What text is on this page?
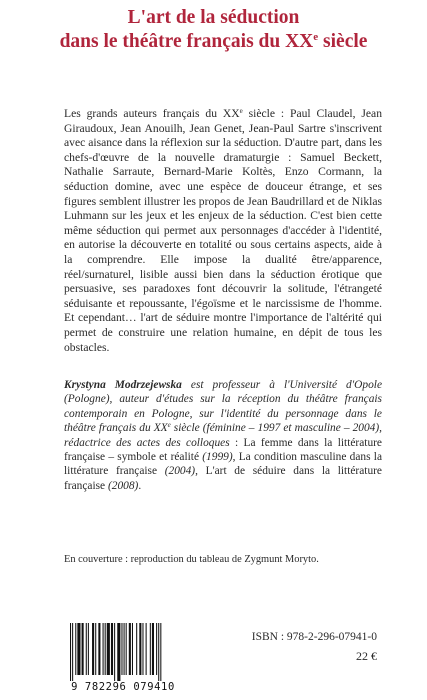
L'art de la séduction
dans le théâtre français du XXe siècle

Les grands auteurs français du XXe siècle : Paul Claudel, Jean Giraudoux, Jean Anouilh, Jean Genet, Jean-Paul Sartre s'inscrivent avec aisance dans la réflexion sur la séduction. D'autre part, dans les chefs-d'œuvre de la nouvelle dramaturgie : Samuel Beckett, Nathalie Sarraute, Bernard-Marie Koltès, Enzo Cormann, la séduction domine, avec une espèce de douceur étrange, et ses figures semblent illustrer les propos de Jean Baudrillard et de Niklas Luhmann sur les jeux et les enjeux de la séduction. C'est bien cette même séduction qui permet aux personnages d'accéder à l'identité, en autorise la découverte en totalité ou sous certains aspects, aide à la comprendre. Elle impose la dualité être/apparence, réel/surnaturel, lisible aussi bien dans la séduction érotique que persuasive, ses paradoxes font découvrir la solitude, l'étrangeté séduisante et repoussante, l'égoïsme et le narcissisme de l'homme. Et cependant… l'art de séduire montre l'importance de l'altérité qui permet de construire une relation humaine, en dépit de tous les obstacles.

Krystyna Modrzejewska est professeur à l'Université d'Opole (Pologne), auteur d'études sur la réception du théâtre français contemporain en Pologne, sur l'identité du personnage dans le théâtre français du XXe siècle (féminine – 1997 et masculine – 2004), rédactrice des actes des colloques : La femme dans la littérature française – symbole et réalité (1999), La condition masculine dans la littérature française (2004), L'art de séduire dans la littérature française (2008).

En couverture : reproduction du tableau de Zygmunt Moryto.

9 782296 079410
ISBN : 978-2-296-07941-0
22 €
